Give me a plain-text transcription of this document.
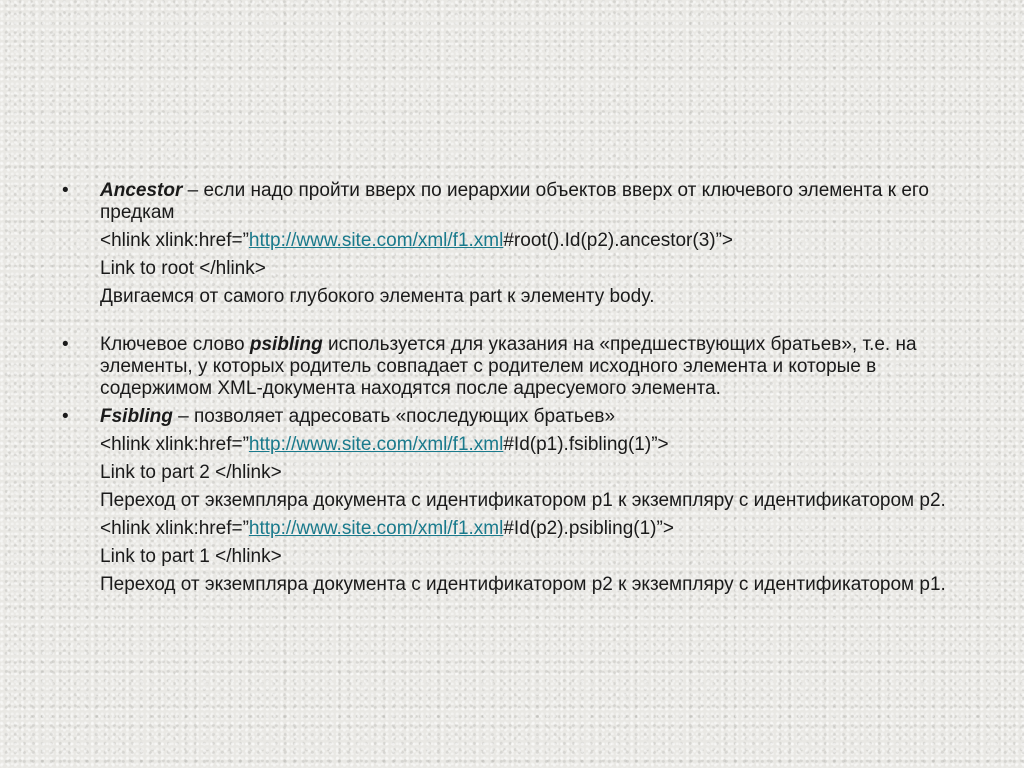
•	Ancestor – если надо пройти вверх по иерархии объектов вверх от ключевого элемента к его предкам
<hlink xlink:href=”http://www.site.com/xml/f1.xml#root().Id(p2).ancestor(3)”>
Link to root </hlink>
Двигаемся от самого глубокого элемента part к элементу body.
•	Ключевое слово psibling используется для указания на «предшествующих братьев», т.е. на элементы, у которых родитель совпадает с родителем исходного элемента и которые в содержимом XML-документа находятся после адресуемого элемента.
•	Fsibling – позволяет адресовать «последующих братьев»
<hlink xlink:href=”http://www.site.com/xml/f1.xml#Id(p1).fsibling(1)”>
Link to part 2 </hlink>
Переход от экземпляра документа с идентификатором p1 к экземпляру с идентификатором p2.
<hlink xlink:href=”http://www.site.com/xml/f1.xml#Id(p2).psibling(1)”>
Link to part 1 </hlink>
Переход от экземпляра документа с идентификатором p2 к экземпляру с идентификатором p1.
